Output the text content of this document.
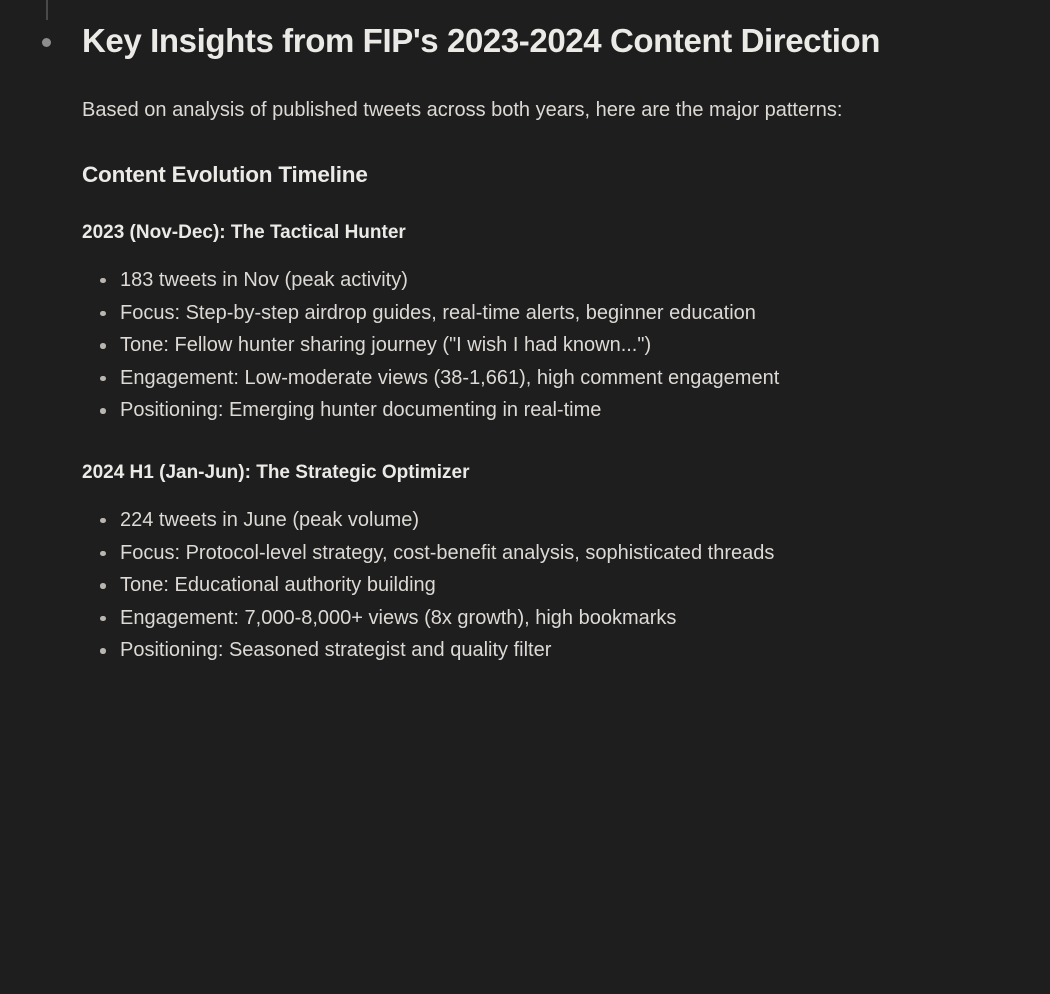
Key Insights from FIP's 2023-2024 Content Direction

Based on analysis of published tweets across both years, here are the major patterns:

Content Evolution Timeline
2023 (Nov-Dec): The Tactical Hunter
183 tweets in Nov (peak activity)
Focus: Step-by-step airdrop guides, real-time alerts, beginner education
Tone: Fellow hunter sharing journey ("I wish I had known...")
Engagement: Low-moderate views (38-1,661), high comment engagement
Positioning: Emerging hunter documenting in real-time
2024 H1 (Jan-Jun): The Strategic Optimizer
224 tweets in June (peak volume)
Focus: Protocol-level strategy, cost-benefit analysis, sophisticated threads
Tone: Educational authority building
Engagement: 7,000-8,000+ views (8x growth), high bookmarks
Positioning: Seasoned strategist and quality filter
